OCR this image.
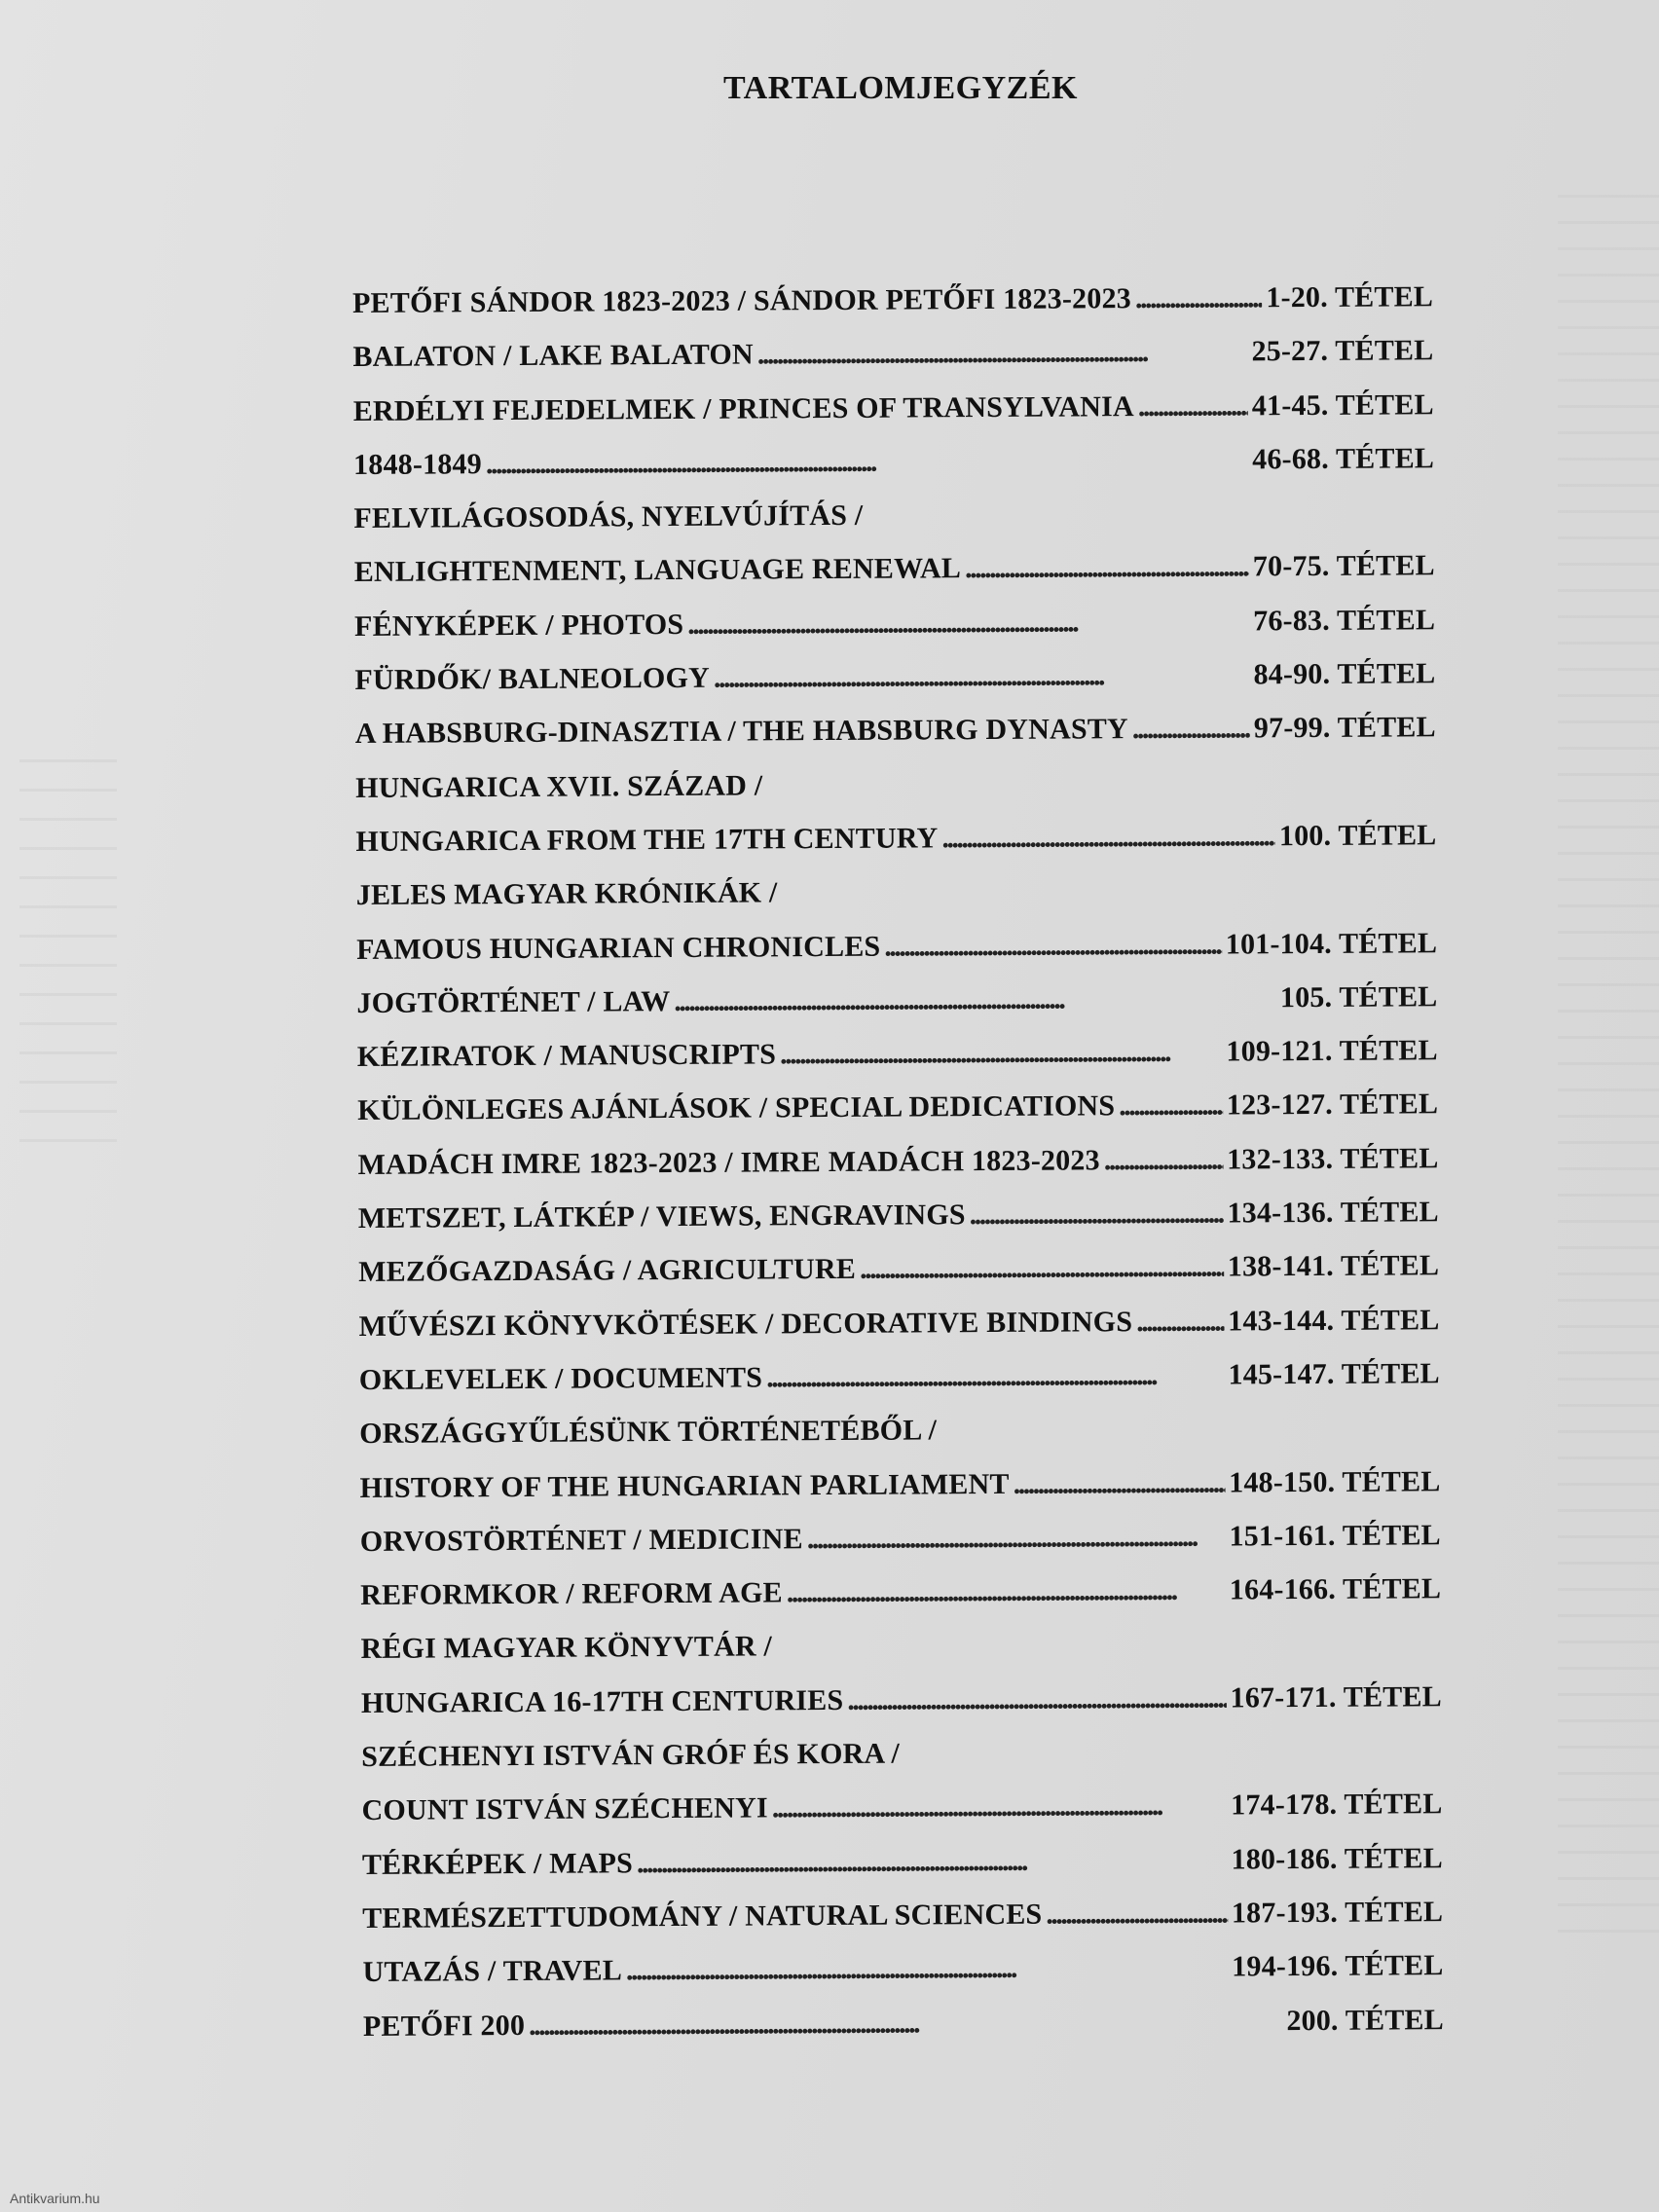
TARTALOMJEGYZÉK
PETŐFI SÁNDOR 1823-2023 / SÁNDOR PETŐFI 1823-2023 . . .	1-20. TÉTEL
BALATON / LAKE BALATON . . .	25-27. TÉTEL
ERDÉLYI FEJEDELMEK / PRINCES OF TRANSYLVANIA . . .	41-45. TÉTEL
1848-1849 . . .	46-68. TÉTEL
FELVILÁGOSODÁS, NYELVÚJÍTÁS /
ENLIGHTENMENT, LANGUAGE RENEWAL . . .	70-75. TÉTEL
FÉNYKÉPEK / PHOTOS . . .	76-83. TÉTEL
FÜRDŐK/ BALNEOLOGY . . .	84-90. TÉTEL
A HABSBURG-DINASZTIA / THE HABSBURG DYNASTY . . .	97-99. TÉTEL
HUNGARICA XVII. SZÁZAD /
HUNGARICA FROM THE 17TH CENTURY . . .	100. TÉTEL
JELES MAGYAR KRÓNIKÁK /
FAMOUS HUNGARIAN CHRONICLES . . .	101-104. TÉTEL
JOGTÖRTÉNET / LAW . . .	105. TÉTEL
KÉZIRATOK / MANUSCRIPTS . . .	109-121. TÉTEL
KÜLÖNLEGES AJÁNLÁSOK / SPECIAL DEDICATIONS . . .	123-127. TÉTEL
MADÁCH IMRE 1823-2023 / IMRE MADÁCH 1823-2023 . . .	132-133. TÉTEL
METSZET, LÁTKÉP / VIEWS, ENGRAVINGS . . .	134-136. TÉTEL
MEZŐGAZDASÁG / AGRICULTURE . . .	138-141. TÉTEL
MŰVÉSZI KÖNYVKÖTÉSEK / DECORATIVE BINDINGS . . .	143-144. TÉTEL
OKLEVELEK / DOCUMENTS . . .	145-147. TÉTEL
ORSZÁGGYŰLÉSÜNK TÖRTÉNETÉBŐL /
HISTORY OF THE HUNGARIAN PARLIAMENT . . .	148-150. TÉTEL
ORVOSTÖRTÉNET / MEDICINE . . .	151-161. TÉTEL
REFORMKOR / REFORM AGE . . .	164-166. TÉTEL
RÉGI MAGYAR KÖNYVTÁR /
HUNGARICA 16-17TH CENTURIES . . .	167-171. TÉTEL
SZÉCHENYI ISTVÁN GRÓF ÉS KORA /
COUNT ISTVÁN SZÉCHENYI . . .	174-178. TÉTEL
TÉRKÉPEK / MAPS . . .	180-186. TÉTEL
TERMÉSZETTUDOMÁNY / NATURAL SCIENCES . . .	187-193. TÉTEL
UTAZÁS / TRAVEL . . .	194-196. TÉTEL
PETŐFI 200 . . .	200. TÉTEL
Antikvarium.hu
